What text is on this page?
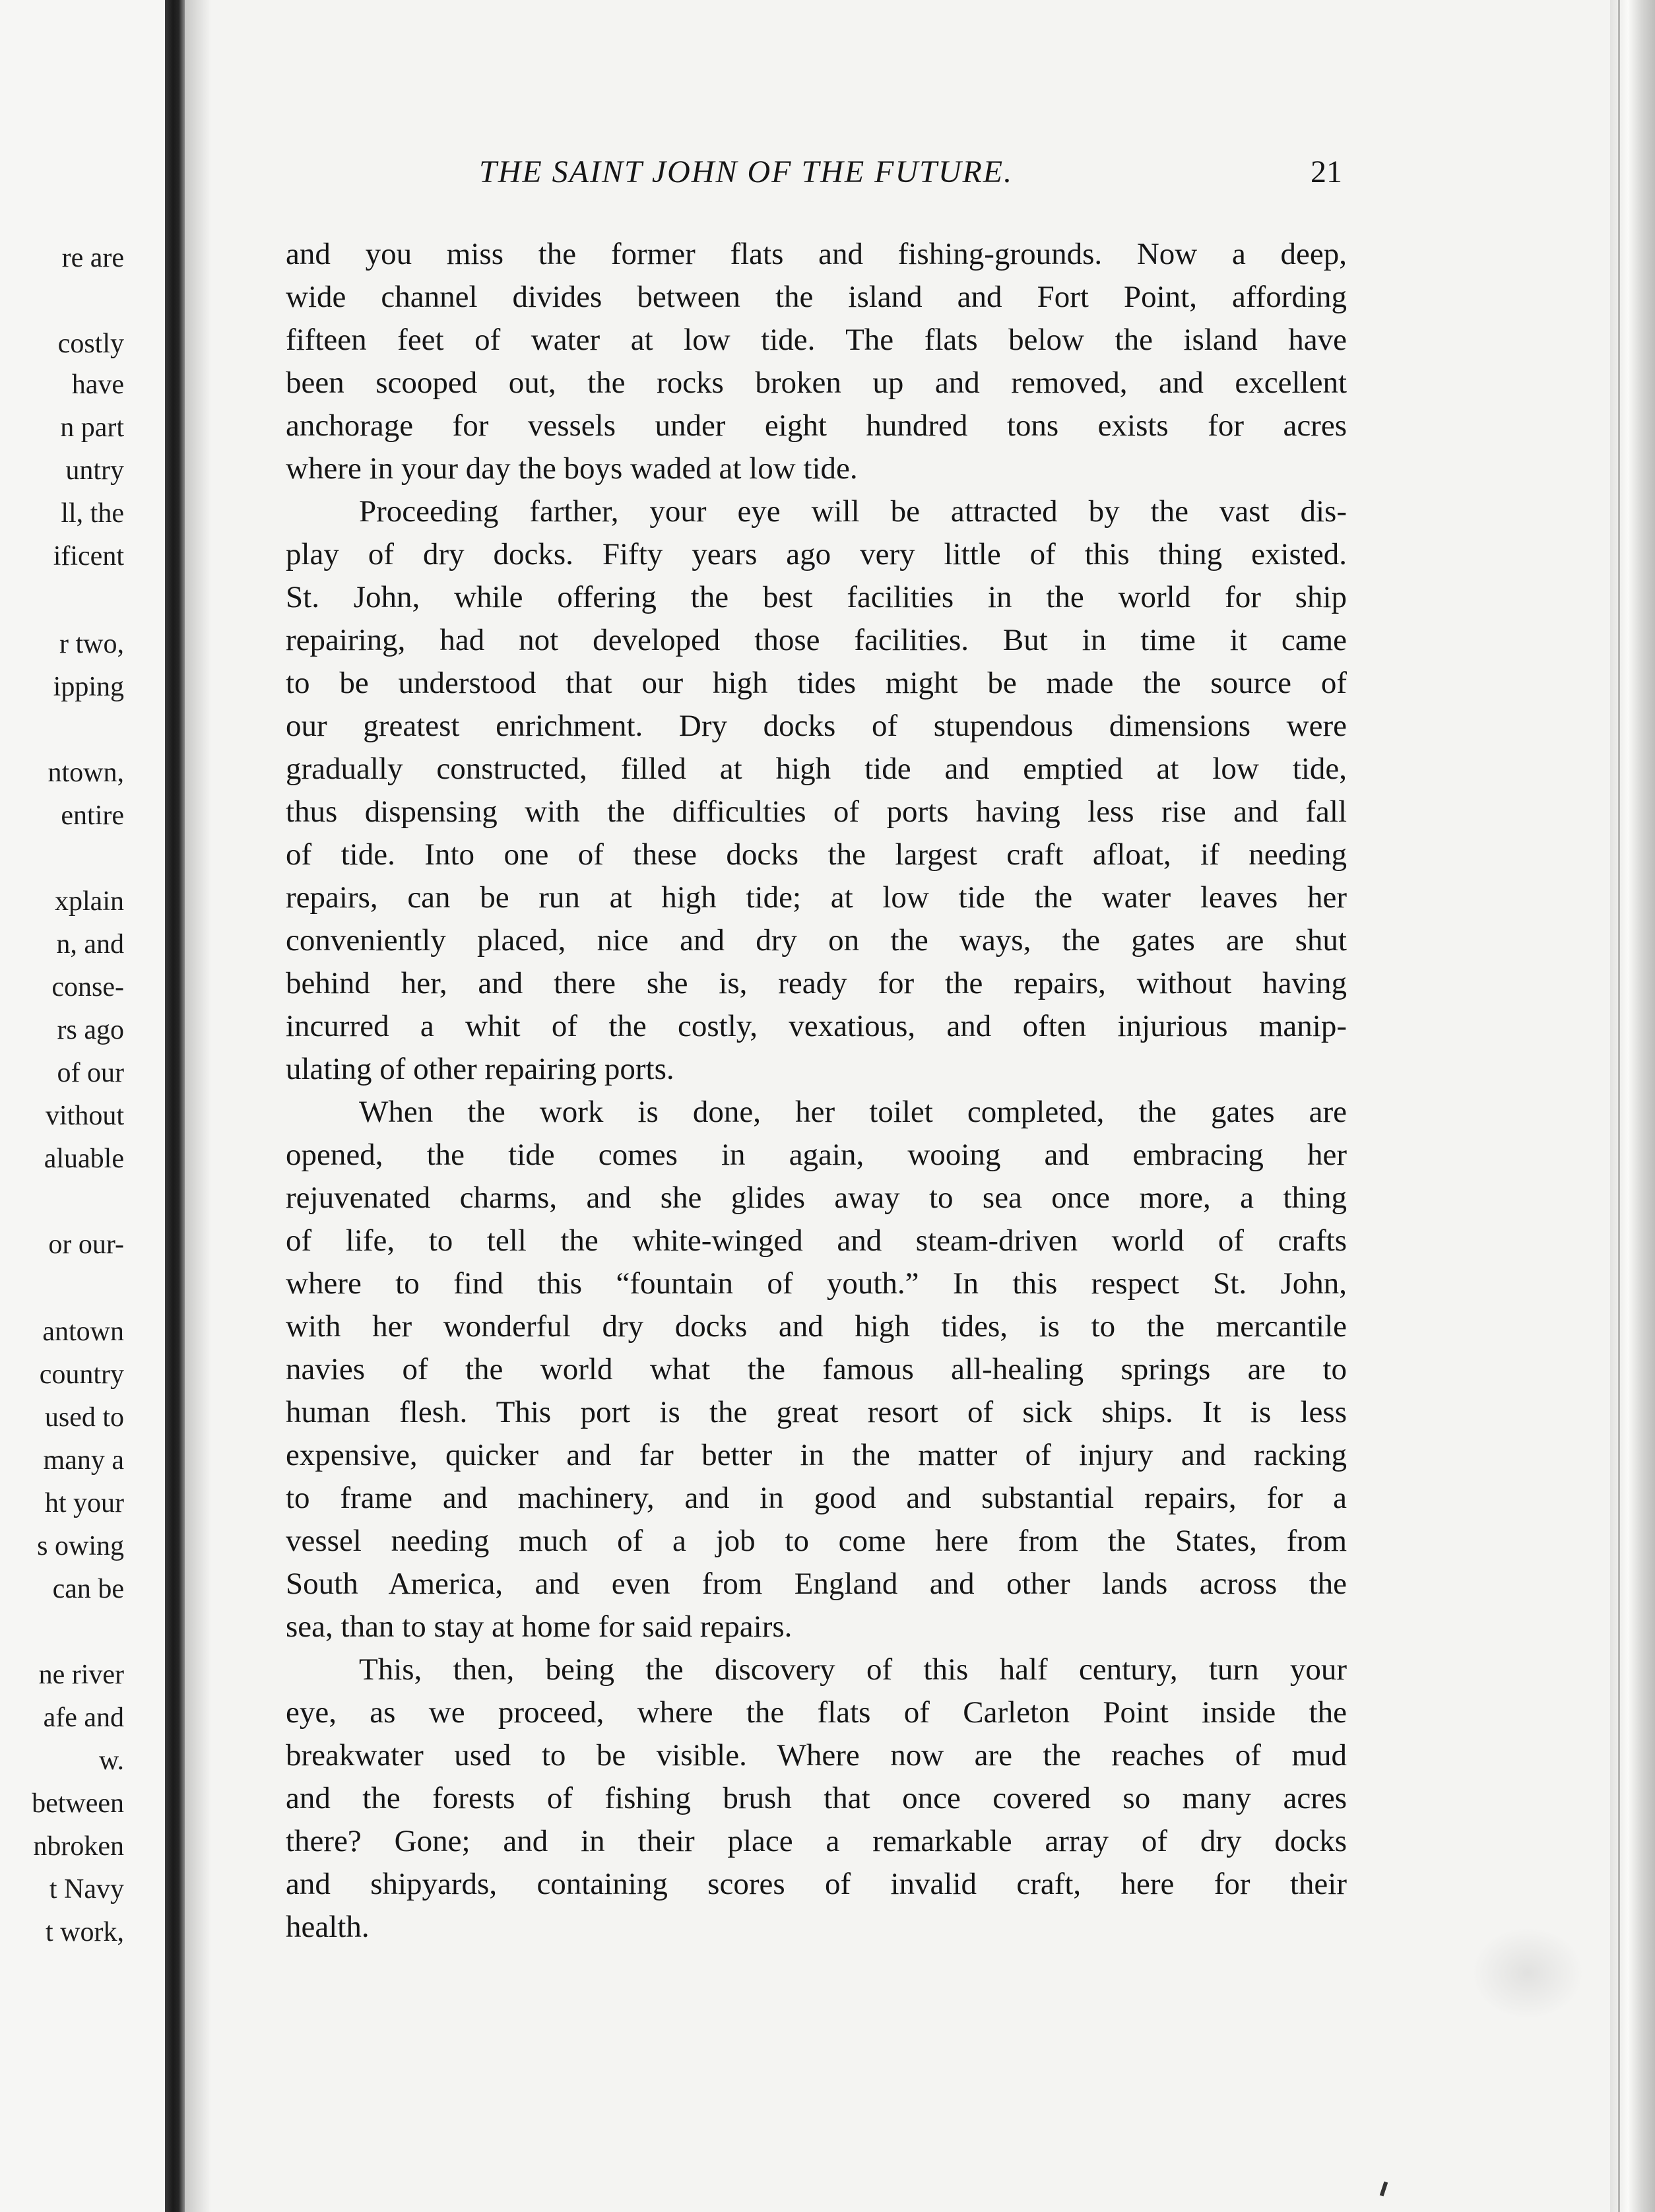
re are
costly
have
n part
untry
ll, the
ificent
r two,
ipping
ntown,
entire
xplain
n, and
conse-
rs ago
of our
vithout
aluable
or our-
antown
country
used to
many a
ht your
s owing
can be
ne river
afe and
w.
between
nbroken
t Navy
t work,
THE SAINT JOHN OF THE FUTURE.	21
and you miss the former flats and fishing-grounds. Now a deep,
wide channel divides between the island and Fort Point, affording
fifteen feet of water at low tide. The flats below the island have
been scooped out, the rocks broken up and removed, and excellent
anchorage for vessels under eight hundred tons exists for acres
where in your day the boys waded at low tide.
Proceeding farther, your eye will be attracted by the vast dis-
play of dry docks. Fifty years ago very little of this thing existed.
St. John, while offering the best facilities in the world for ship
repairing, had not developed those facilities. But in time it came
to be understood that our high tides might be made the source of
our greatest enrichment. Dry docks of stupendous dimensions were
gradually constructed, filled at high tide and emptied at low tide,
thus dispensing with the difficulties of ports having less rise and fall
of tide. Into one of these docks the largest craft afloat, if needing
repairs, can be run at high tide; at low tide the water leaves her
conveniently placed, nice and dry on the ways, the gates are shut
behind her, and there she is, ready for the repairs, without having
incurred a whit of the costly, vexatious, and often injurious manip-
ulating of other repairing ports.
When the work is done, her toilet completed, the gates are
opened, the tide comes in again, wooing and embracing her
rejuvenated charms, and she glides away to sea once more, a thing
of life, to tell the white-winged and steam-driven world of crafts
where to find this “fountain of youth.” In this respect St. John,
with her wonderful dry docks and high tides, is to the mercantile
navies of the world what the famous all-healing springs are to
human flesh. This port is the great resort of sick ships. It is less
expensive, quicker and far better in the matter of injury and racking
to frame and machinery, and in good and substantial repairs, for a
vessel needing much of a job to come here from the States, from
South America, and even from England and other lands across the
sea, than to stay at home for said repairs.
This, then, being the discovery of this half century, turn your
eye, as we proceed, where the flats of Carleton Point inside the
breakwater used to be visible. Where now are the reaches of mud
and the forests of fishing brush that once covered so many acres
there? Gone; and in their place a remarkable array of dry docks
and shipyards, containing scores of invalid craft, here for their
health.
